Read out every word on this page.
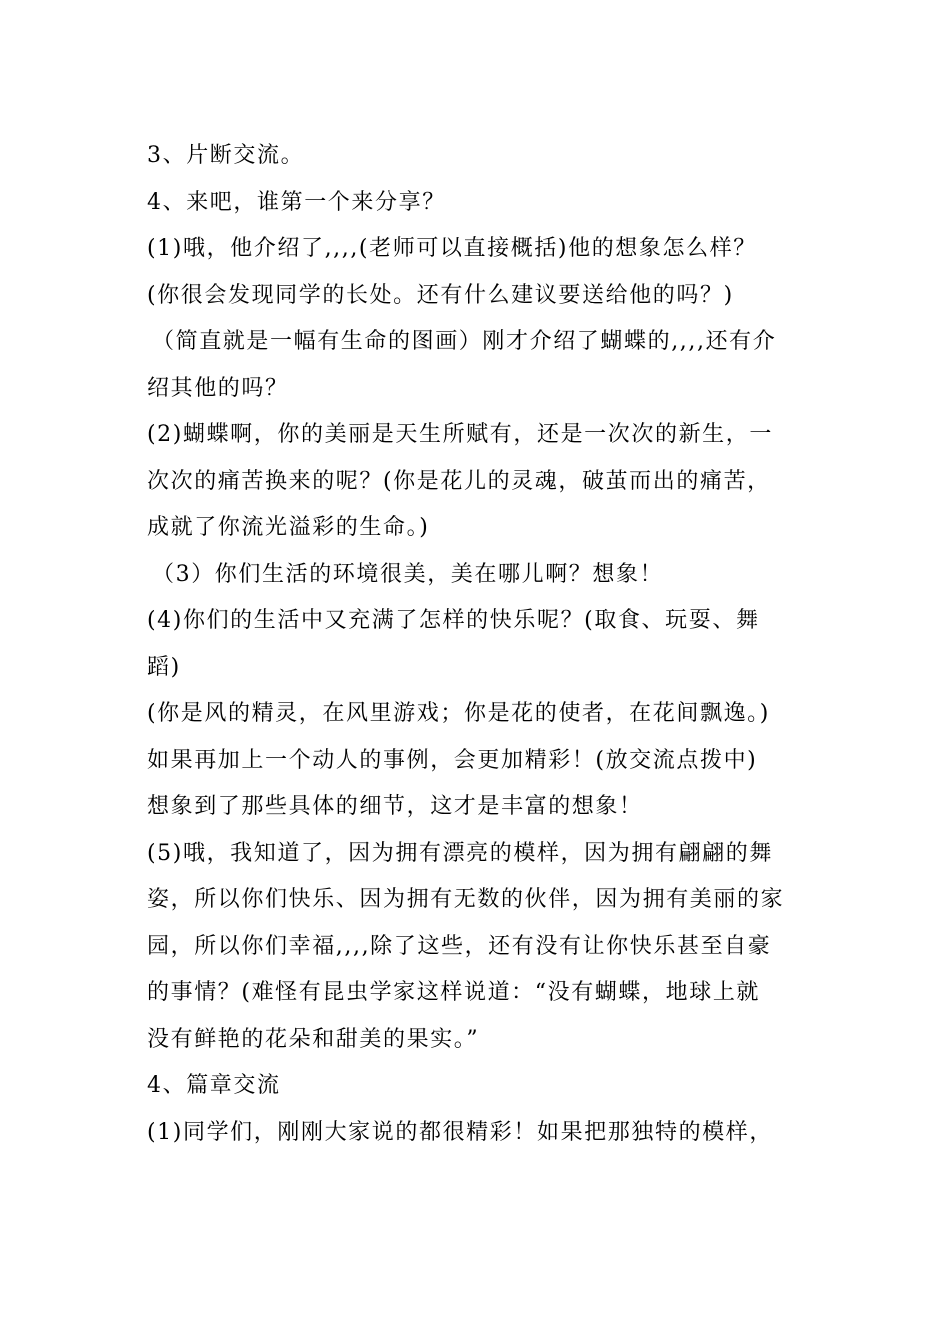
3、片断交流。
4、来吧，谁第一个来分享？
(1)哦，他介绍了,,,,(老师可以直接概括)他的想象怎么样？
(你很会发现同学的长处。还有什么建议要送给他的吗？)
（简直就是一幅有生命的图画）刚才介绍了蝴蝶的,,,,还有介
绍其他的吗？
(2)蝴蝶啊，你的美丽是天生所赋有，还是一次次的新生，一
次次的痛苦换来的呢？(你是花儿的灵魂，破茧而出的痛苦，
成就了你流光溢彩的生命。)
（3）你们生活的环境很美，美在哪儿啊？想象！
(4)你们的生活中又充满了怎样的快乐呢？(取食、玩耍、舞
蹈)
(你是风的精灵，在风里游戏；你是花的使者，在花间飘逸。)
如果再加上一个动人的事例，会更加精彩！(放交流点拨中)
想象到了那些具体的细节，这才是丰富的想象！
(5)哦，我知道了，因为拥有漂亮的模样，因为拥有翩翩的舞
姿，所以你们快乐、因为拥有无数的伙伴，因为拥有美丽的家
园，所以你们幸福,,,,除了这些，还有没有让你快乐甚至自豪
的事情？(难怪有昆虫学家这样说道：“没有蝴蝶，地球上就
没有鲜艳的花朵和甜美的果实。”
4、篇章交流
(1)同学们，刚刚大家说的都很精彩！如果把那独特的模样，
